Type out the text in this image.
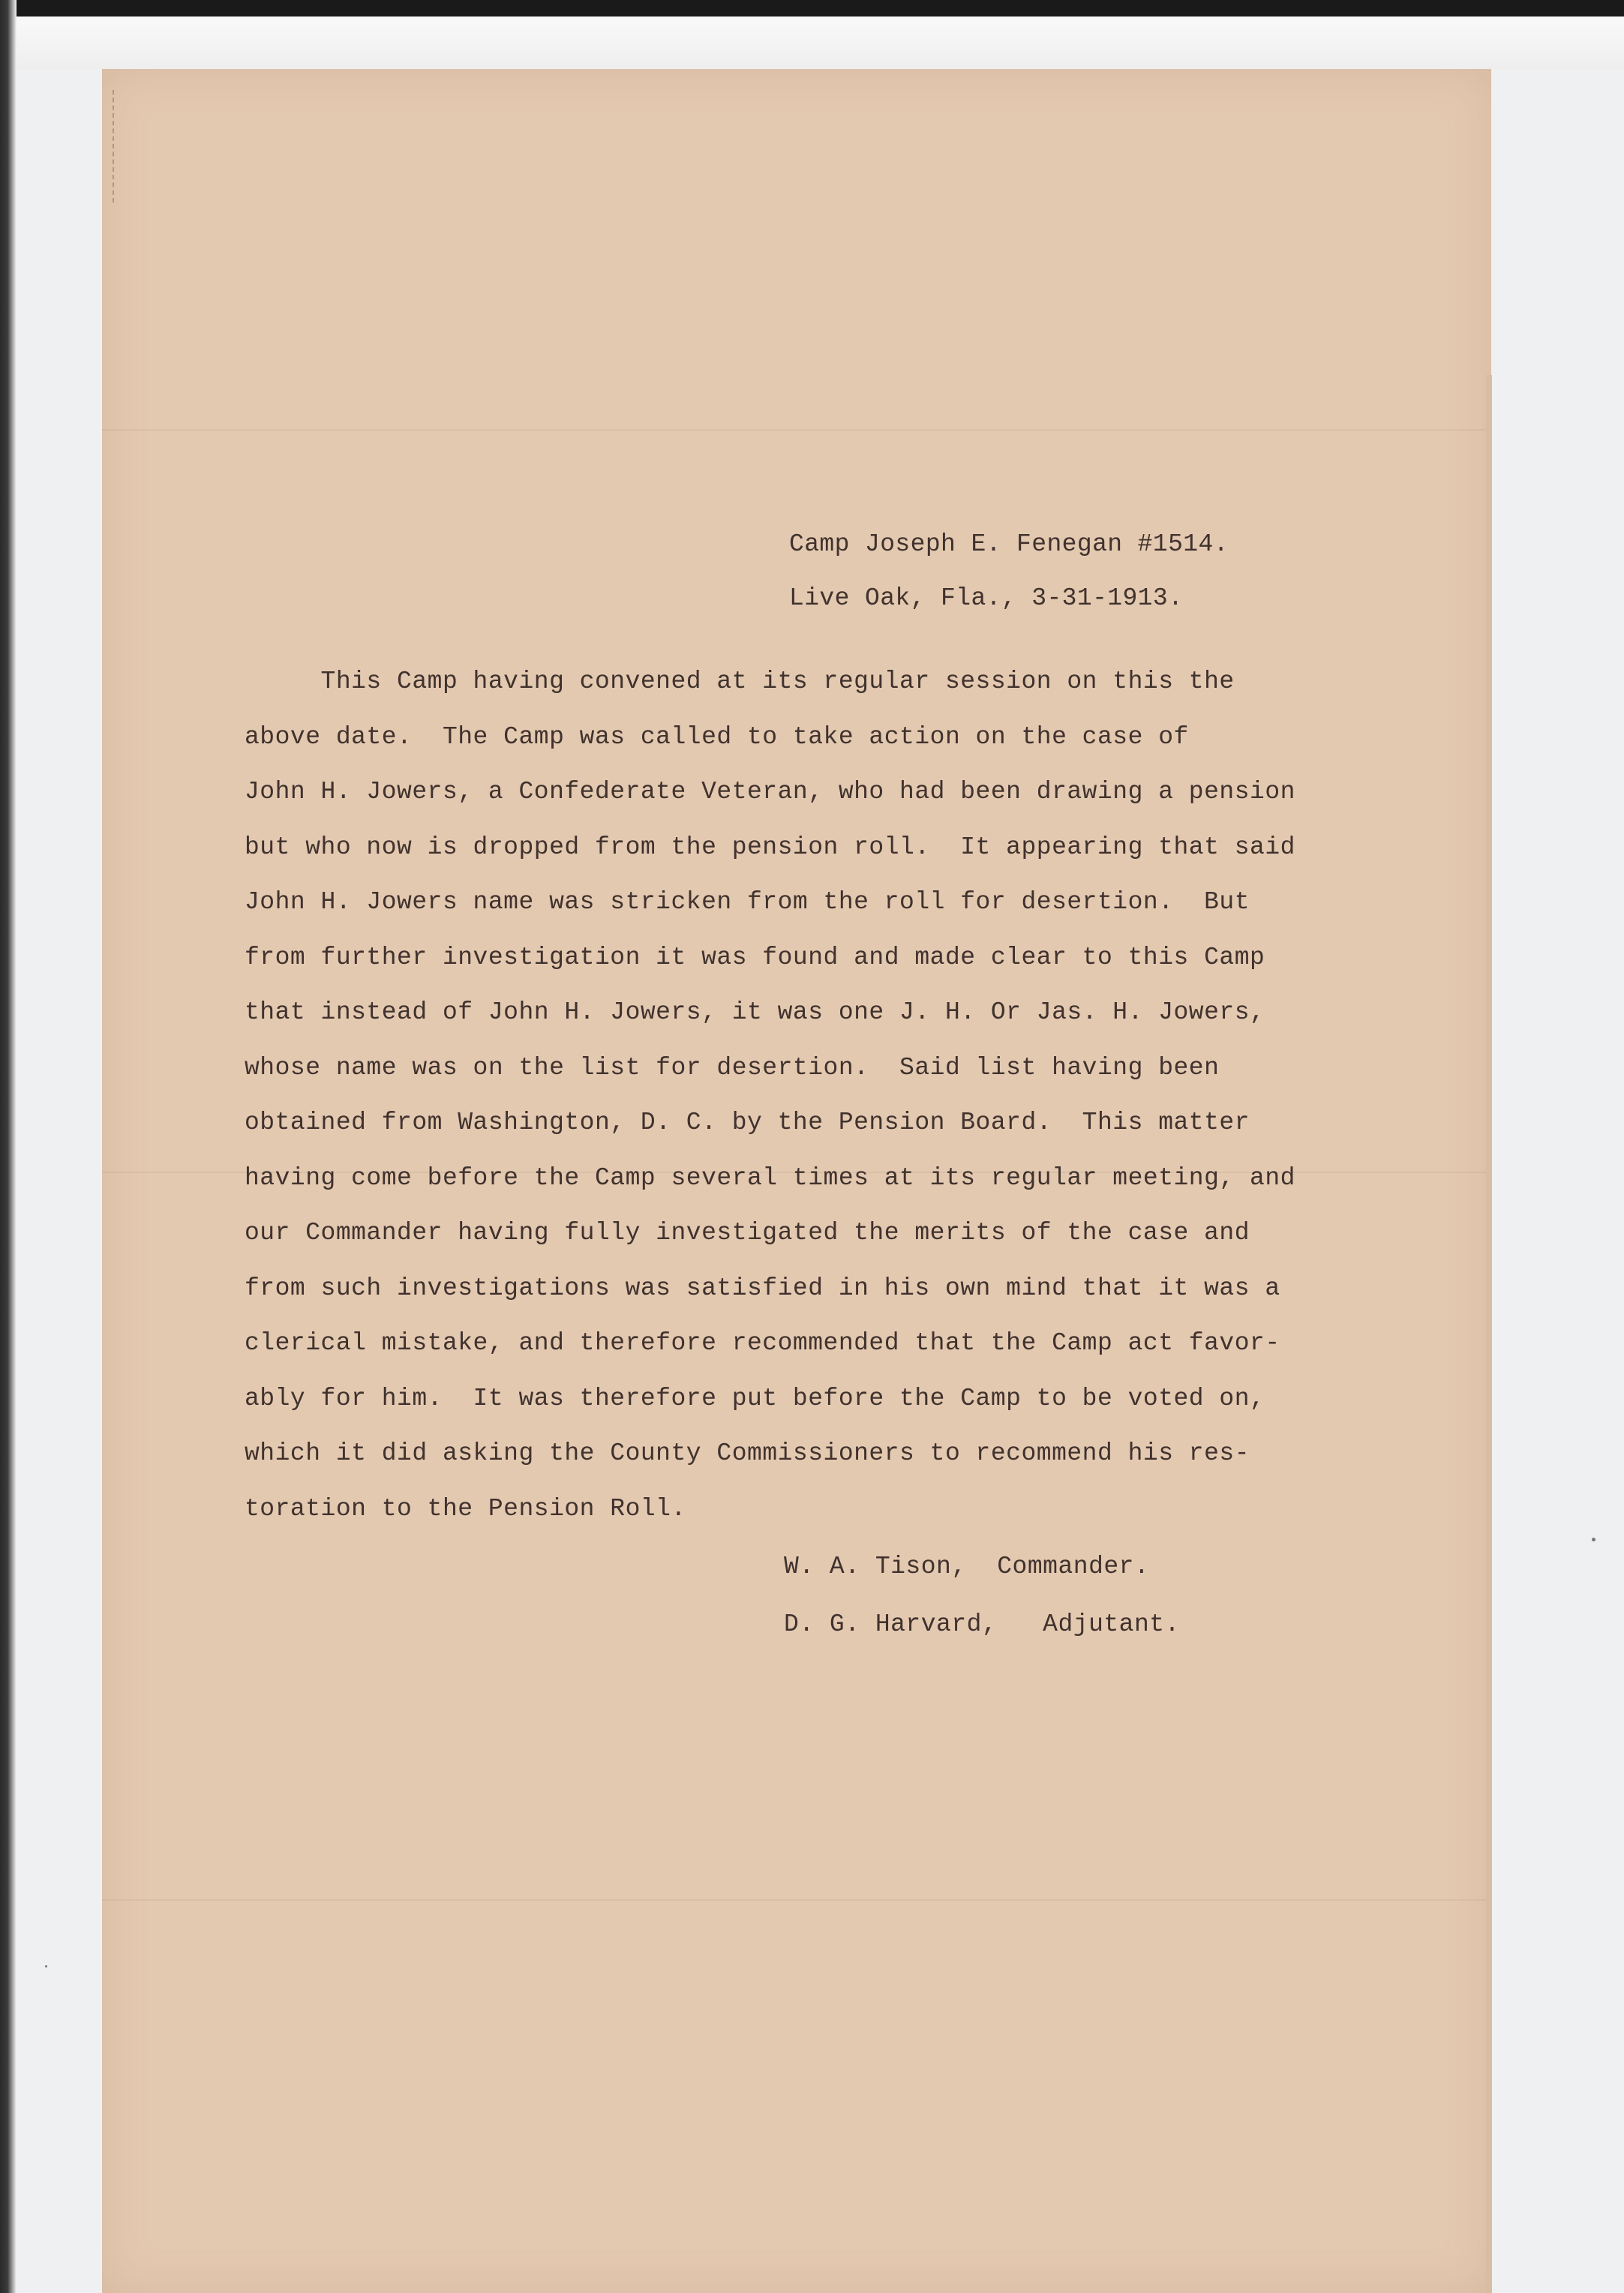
Camp Joseph E. Fenegan #1514.
Live Oak, Fla., 3-31-1913.
This Camp having convened at its regular session on this the
above date.  The Camp was called to take action on the case of
John H. Jowers, a Confederate Veteran, who had been drawing a pension
but who now is dropped from the pension roll.  It appearing that said
John H. Jowers name was stricken from the roll for desertion.  But
from further investigation it was found and made clear to this Camp
that instead of John H. Jowers, it was one J. H. Or Jas. H. Jowers,
whose name was on the list for desertion.  Said list having been
obtained from Washington, D. C. by the Pension Board.  This matter
having come before the Camp several times at its regular meeting, and
our Commander having fully investigated the merits of the case and
from such investigations was satisfied in his own mind that it was a
clerical mistake, and therefore recommended that the Camp act favor-
ably for him.  It was therefore put before the Camp to be voted on,
which it did asking the County Commissioners to recommend his res-
toration to the Pension Roll.
W. A. Tison,  Commander.
D. G. Harvard,   Adjutant.
